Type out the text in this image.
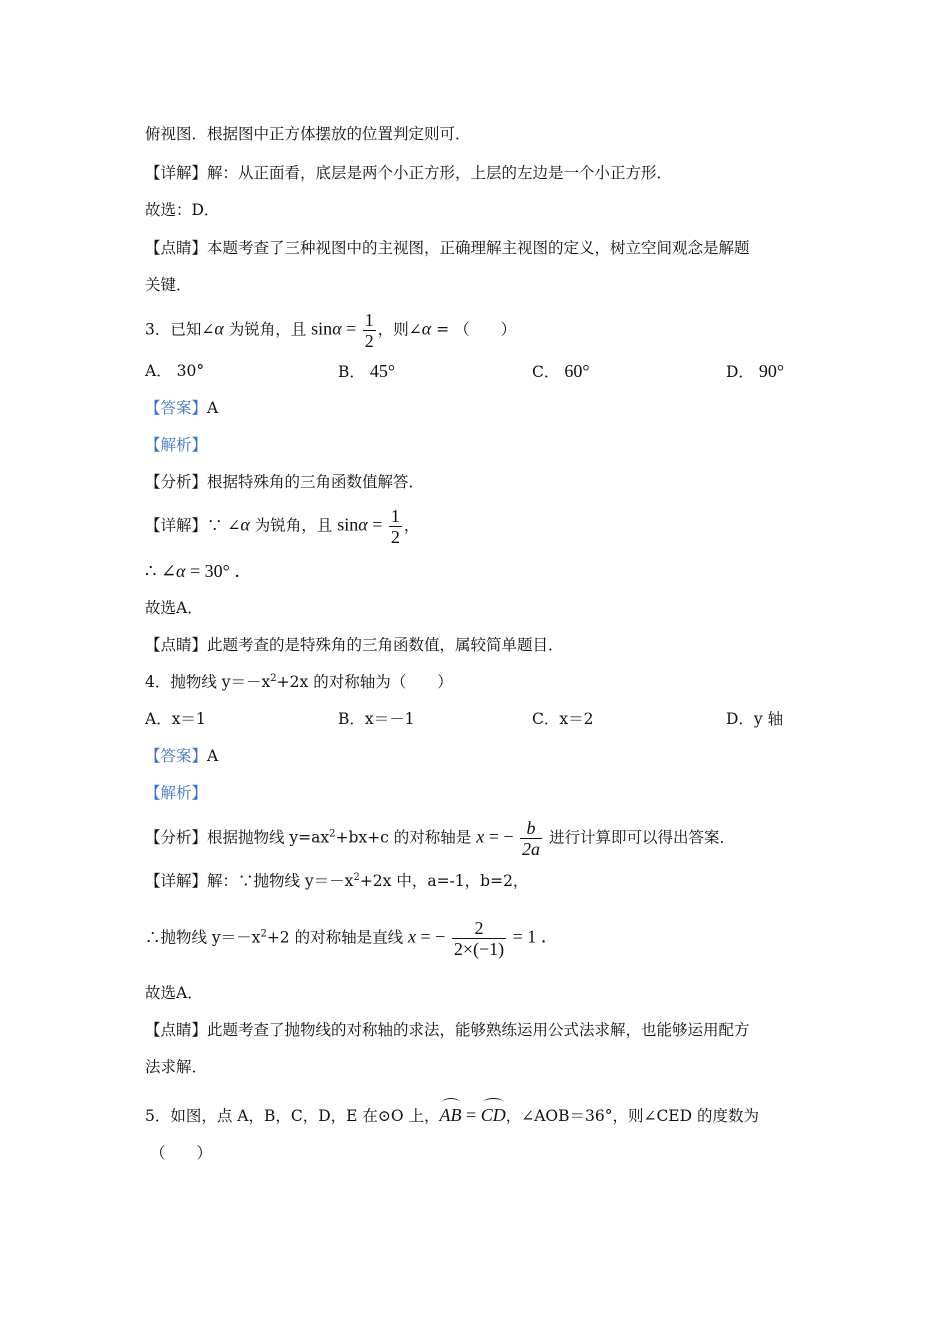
俯视图．根据图中正方体摆放的位置判定则可．
【详解】解：从正面看，底层是两个小正方形，上层的左边是一个小正方形．
故选：D．
【点睛】本题考查了三种视图中的主视图，正确理解主视图的定义，树立空间观念是解题
关键．
3．已知∠α 为锐角，且 $\sin\alpha = \frac{1}{2}$ ，则∠α = （　　）
A． 30°	B． 45°	C． 60°	D． 90°
【答案】A
【解析】
【分析】根据特殊角的三角函数值解答．
【详解】∵ ∠α 为锐角，且 $\sin\alpha = \frac{1}{2}$ ，
∴ ∠α = 30° ．
故选A．
【点睛】此题考查的是特殊角的三角函数值，属较简单题目．
4．抛物线 $y=-x^2+2x$ 的对称轴为（　　）
A．x＝1	B．x＝－1	C．x＝2	D．y 轴
【答案】A
【解析】
【分析】根据抛物线 $y=ax^2+bx+c$ 的对称轴是 x = − $\frac{b}{2a}$ 进行计算即可以得出答案．
【详解】解：∵抛物线 $y=-x^2+2x$ 中，a=-1，b=2，
∴抛物线 $y=-x^2+2$ 的对称轴是直线 x = − $\frac{2}{2\times(-1)} = 1$ ．
故选A．
【点睛】此题考查了抛物线的对称轴的求法，能够熟练运用公式法求解，也能够运用配方
法求解．
5．如图，点 A，B，C，D，E 在⊙O 上，AB = CD，∠AOB＝36°，则∠CED 的度数为
（　　）
